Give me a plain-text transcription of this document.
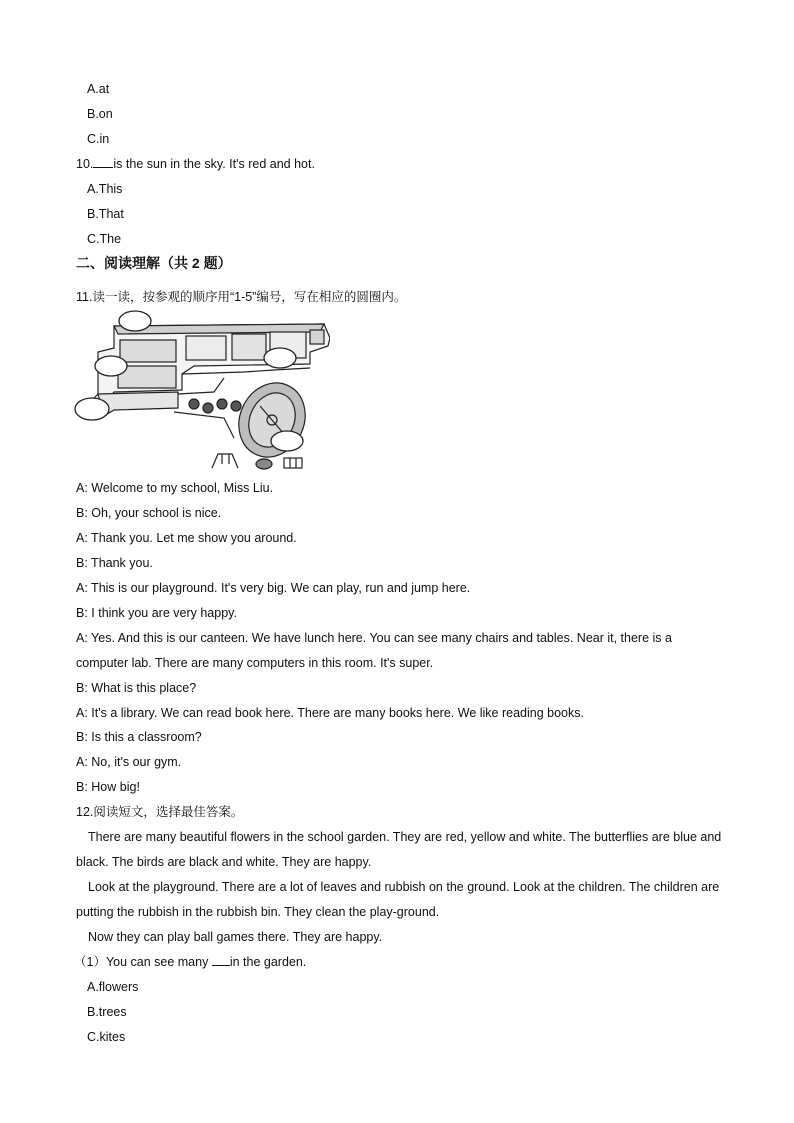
A.at
B.on
C.in
10. is the sun in the sky. It's red and hot.
A.This
B.That
C.The
二、阅读理解（共 2 题）
11.读一读，按参观的顺序用“1-5”编号，写在相应的圆圈内。
A: Welcome to my school, Miss Liu.
B: Oh, your school is nice.
A: Thank you. Let me show you around.
B: Thank you.
A: This is our playground. It's very big. We can play, run and jump here.
B: I think you are very happy.
A: Yes. And this is our canteen. We have lunch here. You can see many chairs and tables. Near it, there is a computer lab. There are many computers in this room. It's super.
B: What is this place?
A: It's a library. We can read book here. There are many books here. We like reading books.
B: Is this a classroom?
A: No, it's our gym.
B: How big!
12.阅读短文，选择最佳答案。
There are many beautiful flowers in the school garden. They are red, yellow and white. The butterflies are blue and black. The birds are black and white. They are happy.
Look at the playground. There are a lot of leaves and rubbish on the ground. Look at the children. The children are putting the rubbish in the rubbish bin. They clean the play-ground.
Now they can play ball games there. They are happy.
（1）You can see many in the garden.
A.flowers
B.trees
C.kites
